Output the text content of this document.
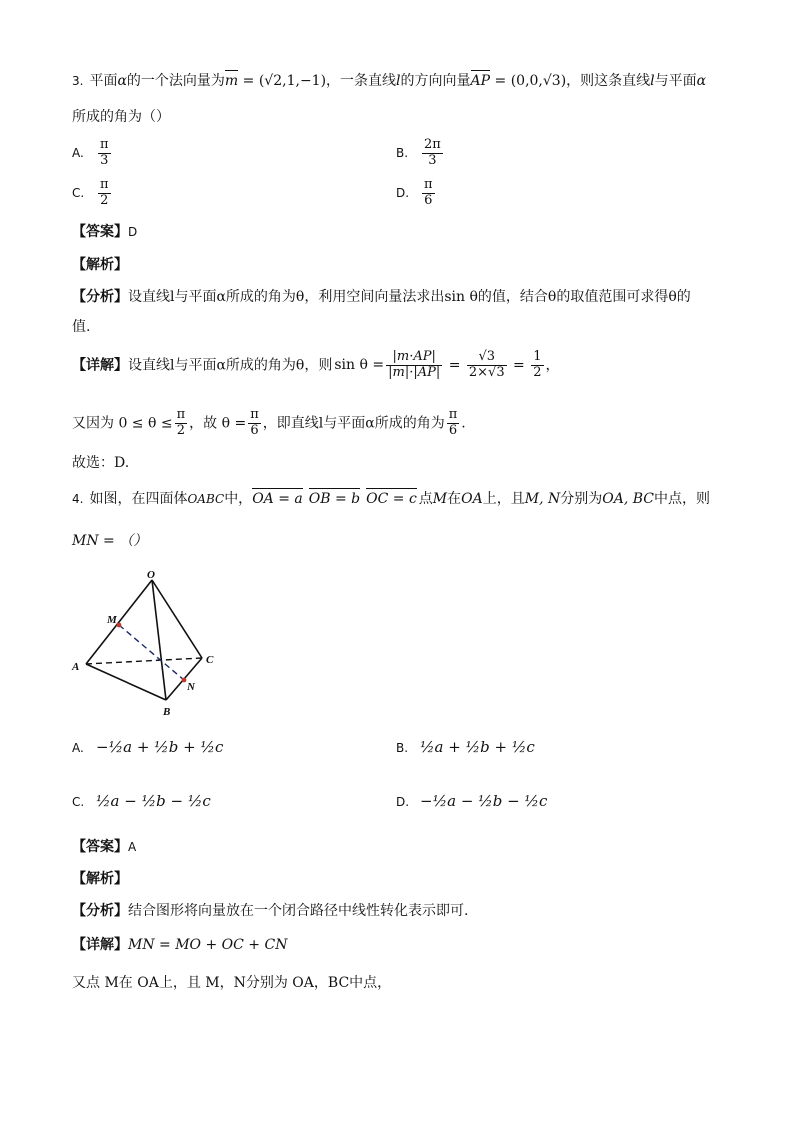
3. 平面α的一个法向量为m = (√2,1,−1)，一条直线l的方向向量AP = (0,0,√3)，则这条直线l与平面α
所成的角为（）
A. $\frac{\pi}{3}$	B. $\frac{2\pi}{3}$
C. $\frac{\pi}{2}$	D. $\frac{\pi}{6}$
【答案】D
【解析】
【分析】设直线l与平面α所成的角为θ，利用空间向量法求出sin θ的值，结合θ的取值范围可求得θ的
值.
【详解】设直线l与平面α所成的角为θ，则 $\sin \theta = \frac{|m\cdot AP|}{|m|\cdot|AP|} = \frac{√3}{2\times√3} = \frac{1}{2}$ ，
又因为 $0 \le \theta \le \frac{\pi}{2}$ ，故 $\theta = \frac{\pi}{6}$ ，即直线l与平面α所成的角为 $\frac{\pi}{6}$ .
故选：D.
4. 如图，在四面体OABC中，OA = a OB = b OC = c 点M在OA上，且M, N分别为OA, BC中点，则
MN = （）
O
M
A
C
N
B
A. −½a + ½b + ½c	B. ½a + ½b + ½c
C. ½a − ½b − ½c	D. −½a − ½b − ½c
【答案】A
【解析】
【分析】结合图形将向量放在一个闭合路径中线性转化表示即可.
【详解】MN = MO + OC + CN
又点 M在 OA上，且 M，N分别为 OA，BC中点，
